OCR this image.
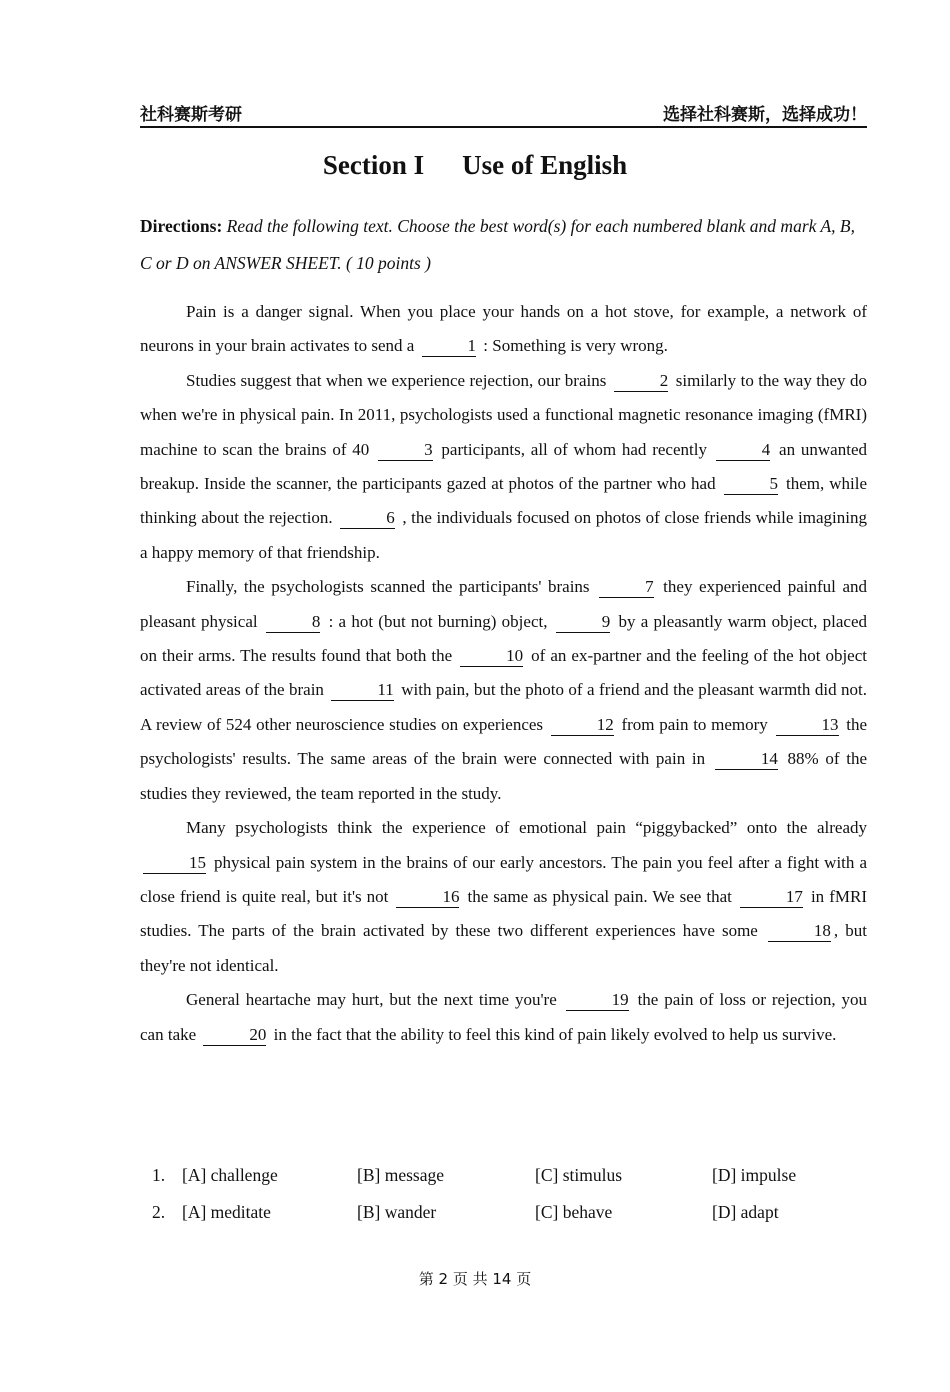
社科赛斯考研	选择社科赛斯，选择成功！
Section I Use of English
Directions: Read the following text. Choose the best word(s) for each numbered blank and mark A, B, C or D on ANSWER SHEET. ( 10 points )

Pain is a danger signal. When you place your hands on a hot stove, for example, a network of neurons in your brain activates to send a	1 : Something is very wrong.

Studies suggest that when we experience rejection, our brains	2 similarly to the way they do when we're in physical pain. In 2011, psychologists used a functional magnetic resonance imaging (fMRI) machine to scan the brains of 40	3 participants, all of whom had recently	4 an unwanted breakup. Inside the scanner, the participants gazed at photos of the partner who had	5 them, while thinking about the rejection.	6 , the individuals focused on photos of close friends while imagining a happy memory of that friendship.

Finally, the psychologists scanned the participants' brains	7 they experienced painful and pleasant physical	8 : a hot (but not burning) object,	9 by a pleasantly warm object, placed on their arms. The results found that both the	10 of an ex-partner and the feeling of the hot object activated areas of the brain	11 with pain, but the photo of a friend and the pleasant warmth did not. A review of 524 other neuroscience studies on experiences	12 from pain to memory	13 the psychologists' results. The same areas of the brain were connected with pain in	14 88% of the studies they reviewed, the team reported in the study.

Many psychologists think the experience of emotional pain “piggybacked” onto the already 15 physical pain system in the brains of our early ancestors. The pain you feel after a fight with a close friend is quite real, but it's not	16 the same as physical pain. We see that	17 in fMRI studies. The parts of the brain activated by these two different experiences have some	18 , but they're not identical.

General heartache may hurt, but the next time you're	19 the pain of loss or rejection, you can take	20 in the fact that the ability to feel this kind of pain likely evolved to help us survive.

1. [A] challenge	[B] message	[C] stimulus	[D] impulse
2. [A] meditate	[B] wander	[C] behave	[D] adapt
第 2 页 共 14 页
